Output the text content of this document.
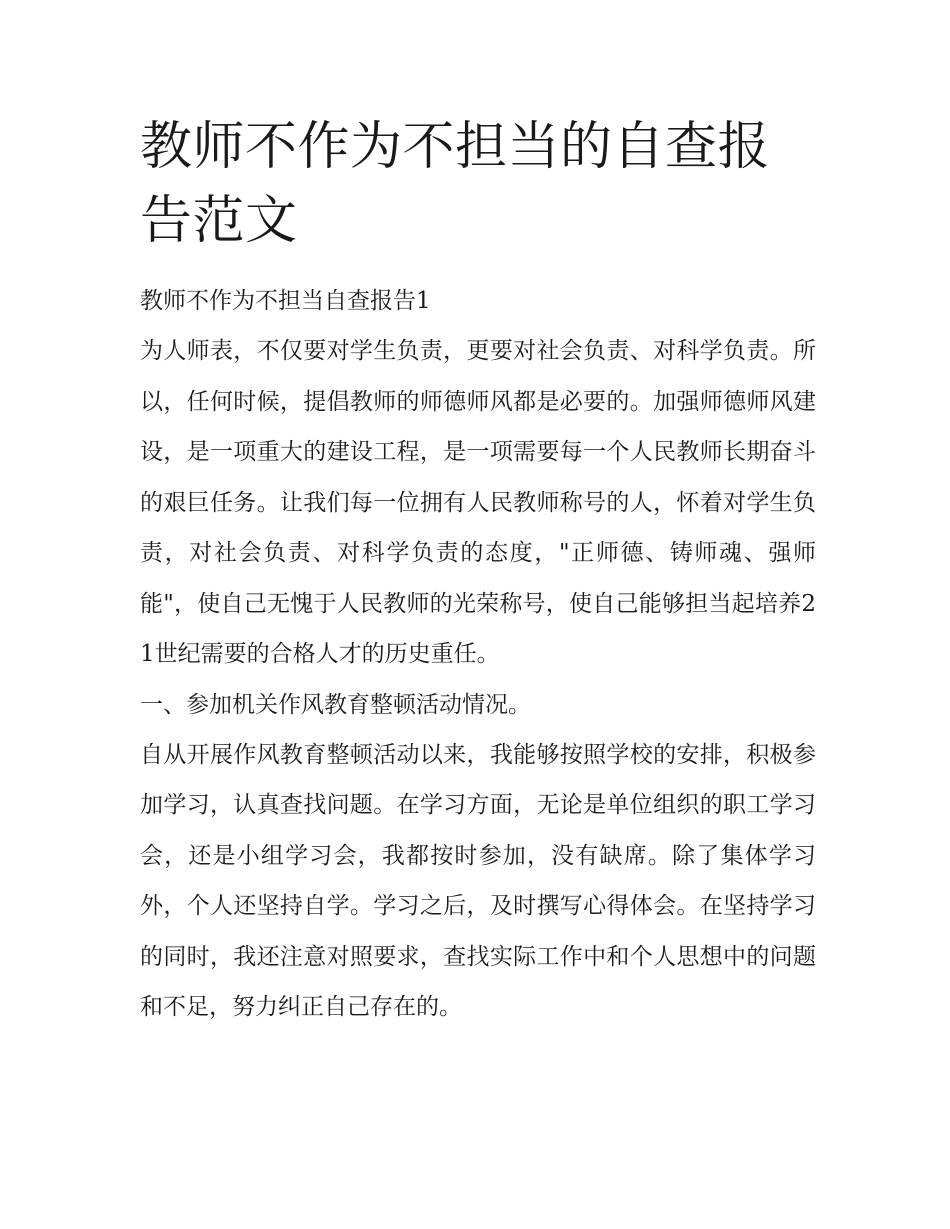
教师不作为不担当的自查报告范文
教师不作为不担当自查报告1

为人师表，不仅要对学生负责，更要对社会负责、对科学负责。所以，任何时候，提倡教师的师德师风都是必要的。加强师德师风建设，是一项重大的建设工程，是一项需要每一个人民教师长期奋斗的艰巨任务。让我们每一位拥有人民教师称号的人，怀着对学生负责，对社会负责、对科学负责的态度，"正师德、铸师魂、强师能"，使自己无愧于人民教师的光荣称号，使自己能够担当起培养21世纪需要的合格人才的历史重任。

一、参加机关作风教育整顿活动情况。

自从开展作风教育整顿活动以来，我能够按照学校的安排，积极参加学习，认真查找问题。在学习方面，无论是单位组织的职工学习会，还是小组学习会，我都按时参加，没有缺席。除了集体学习外，个人还坚持自学。学习之后，及时撰写心得体会。在坚持学习的同时，我还注意对照要求，查找实际工作中和个人思想中的问题和不足，努力纠正自己存在的。
